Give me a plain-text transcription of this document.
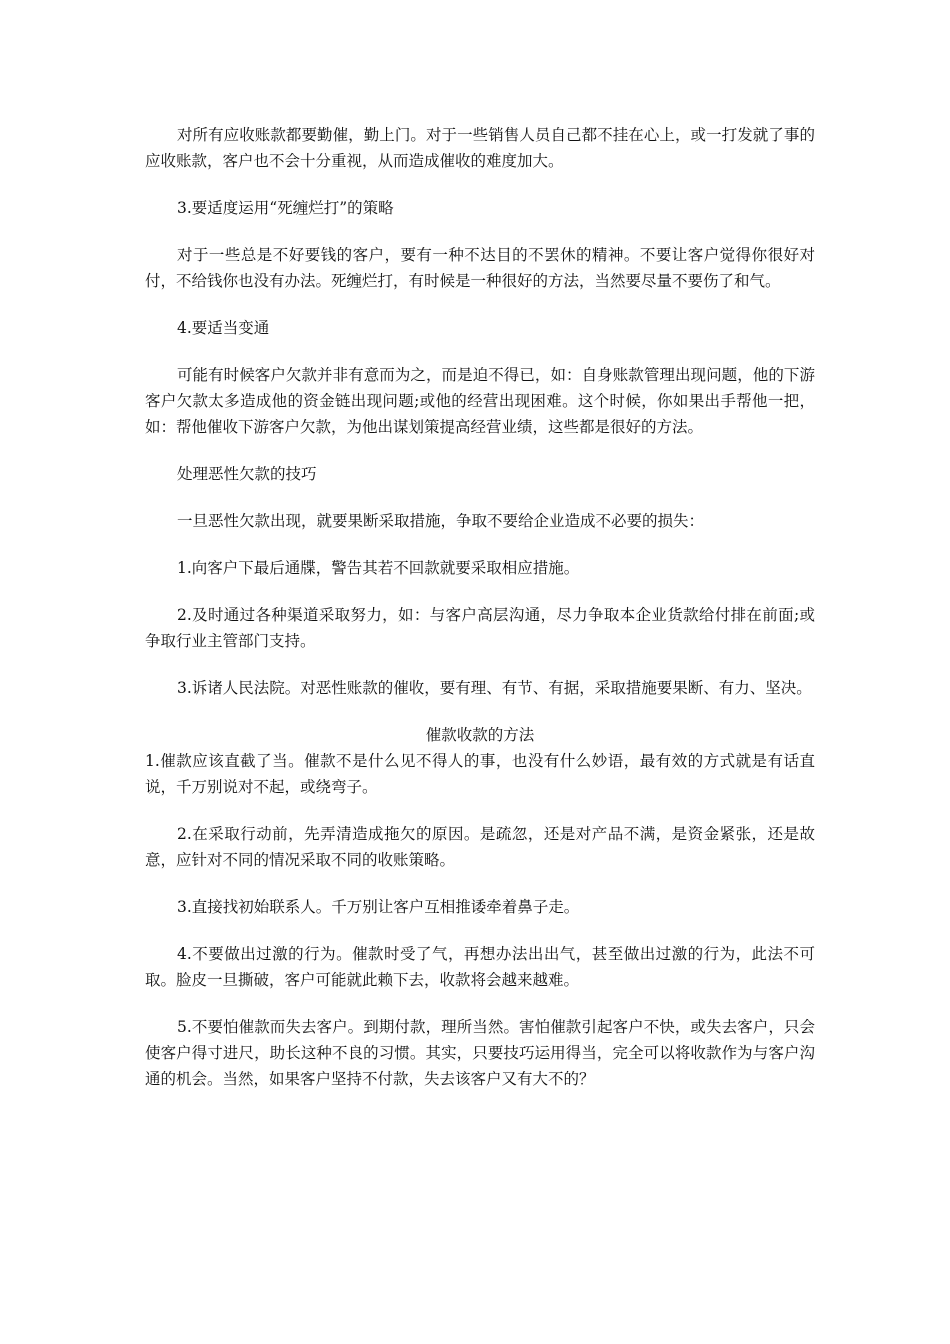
对所有应收账款都要勤催，勤上门。对于一些销售人员自己都不挂在心上，或一打发就了事的应收账款，客户也不会十分重视，从而造成催收的难度加大。

3.要适度运用“死缠烂打”的策略

对于一些总是不好要钱的客户，要有一种不达目的不罢休的精神。不要让客户觉得你很好对付，不给钱你也没有办法。死缠烂打，有时候是一种很好的方法，当然要尽量不要伤了和气。

4.要适当变通

可能有时候客户欠款并非有意而为之，而是迫不得已，如：自身账款管理出现问题，他的下游客户欠款太多造成他的资金链出现问题;或他的经营出现困难。这个时候，你如果出手帮他一把，如：帮他催收下游客户欠款，为他出谋划策提高经营业绩，这些都是很好的方法。

处理恶性欠款的技巧

一旦恶性欠款出现，就要果断采取措施，争取不要给企业造成不必要的损失：

1.向客户下最后通牒，警告其若不回款就要采取相应措施。

2.及时通过各种渠道采取努力，如：与客户高层沟通，尽力争取本企业货款给付排在前面;或争取行业主管部门支持。

3.诉诸人民法院。对恶性账款的催收，要有理、有节、有据，采取措施要果断、有力、坚决。

催款收款的方法

1.催款应该直截了当。催款不是什么见不得人的事，也没有什么妙语，最有效的方式就是有话直说，千万别说对不起，或绕弯子。

2.在采取行动前，先弄清造成拖欠的原因。是疏忽，还是对产品不满，是资金紧张，还是故意，应针对不同的情况采取不同的收账策略。

3.直接找初始联系人。千万别让客户互相推诿牵着鼻子走。

4.不要做出过激的行为。催款时受了气，再想办法出出气，甚至做出过激的行为，此法不可取。脸皮一旦撕破，客户可能就此赖下去，收款将会越来越难。

5.不要怕催款而失去客户。到期付款，理所当然。害怕催款引起客户不快，或失去客户，只会使客户得寸进尺，助长这种不良的习惯。其实，只要技巧运用得当，完全可以将收款作为与客户沟通的机会。当然，如果客户坚持不付款，失去该客户又有大不的？
